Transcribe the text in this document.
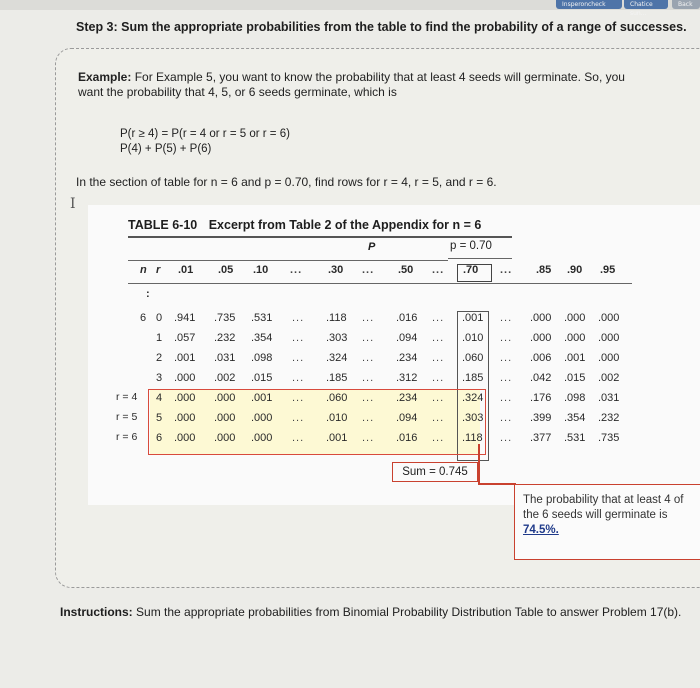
Insperoncheck	Chatice sun...
Back
Step 3: Sum the appropriate probabilities from the table to find the probability of a range of successes.
Example: For Example 5, you want to know the probability that at least 4 seeds will germinate. So, you
want the probability that 4, 5, or 6 seeds germinate, which is
P(r ≥ 4) = P(r = 4 or r = 5 or r = 6)
P(4) + P(5) + P(6)
In the section of table for n = 6 and p = 0.70, find rows for r = 4, r = 5, and r = 6.
I
TABLE 6-10 Excerpt from Table 2 of the Appendix for n = 6
P	p = 0.70
n r .01 .05 .10 ... .30 ... .50 ... .70 ... .85 .90 .95
:
6 0 .941 .735 .531 ... .118 ... .016 ... .001 ... .000 .000 .000
1 .057 .232 .354 ... .303 ... .094 ... .010 ... .000 .000 .000
2 .001 .031 .098 ... .324 ... .234 ... .060 ... .006 .001 .000
3 .000 .002 .015 ... .185 ... .312 ... .185 ... .042 .015 .002
4 .000 .000 .001 ... .060 ... .234 ... .324 ... .176 .098 .031
5 .000 .000 .000 ... .010 ... .094 ... .303 ... .399 .354 .232
6 .000 .000 .000 ... .001 ... .016 ... .118 ... .377 .531 .735
r = 4
r = 5
r = 6
Sum = 0.745
The probability that at least 4 of
the 6 seeds will germinate is
74.5%.
Instructions: Sum the appropriate probabilities from Binomial Probability Distribution Table to answer Problem 17(b).
